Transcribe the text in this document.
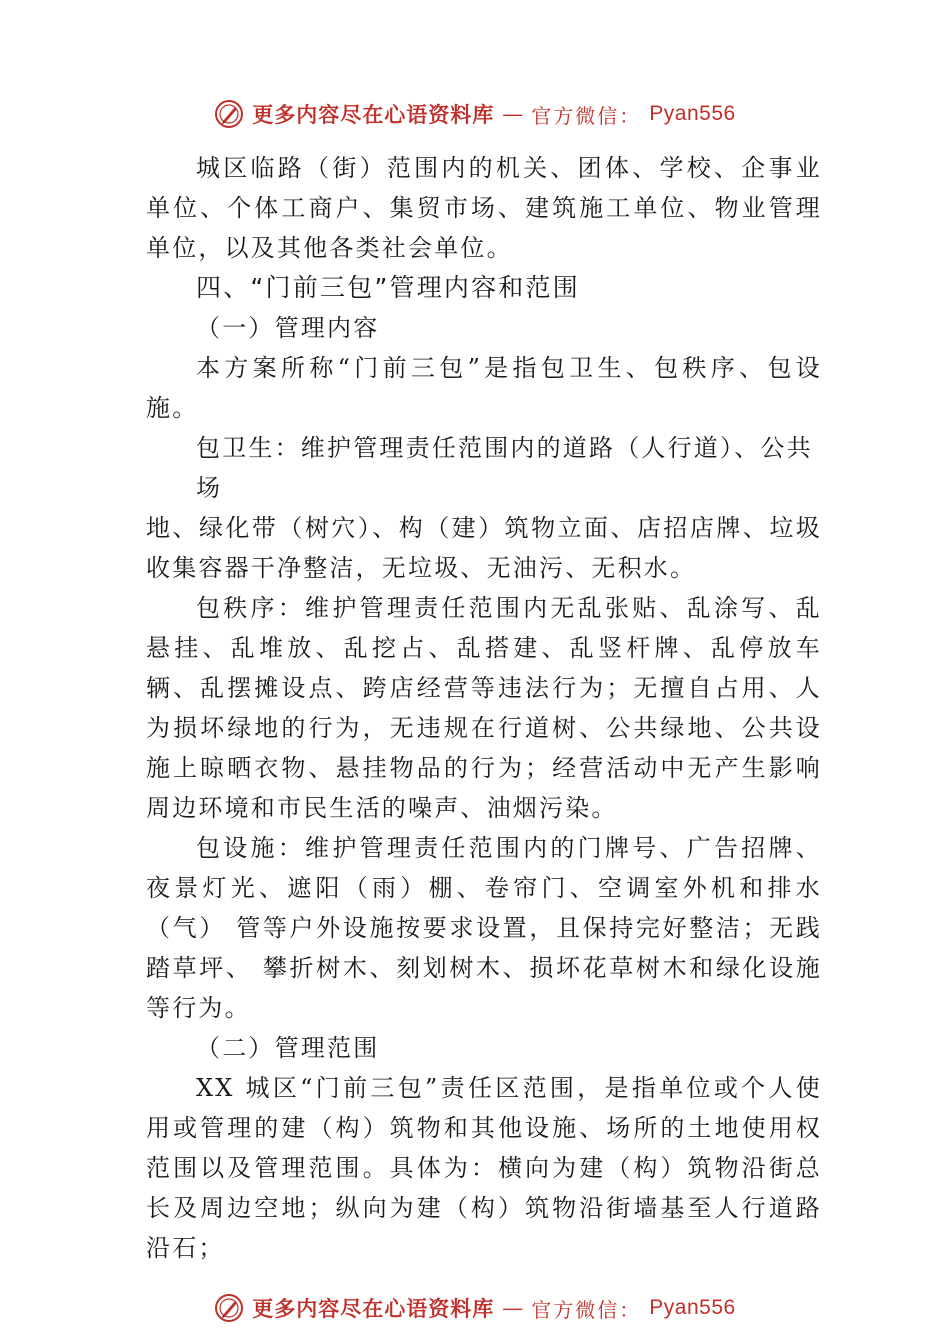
更多内容尽在心语资料库 — 官方微信： Pyan556

城区临路（街）范围内的机关、团体、学校、企事业单位、个体工商户、集贸市场、建筑施工单位、物业管理单位，以及其他各类社会单位。

四、“门前三包”管理内容和范围

（一）管理内容

本方案所称“门前三包”是指包卫生、包秩序、包设施。

包卫生：维护管理责任范围内的道路（人行道）、公共

场

地、绿化带（树穴）、构（建）筑物立面、店招店牌、垃圾收集容器干净整洁，无垃圾、无油污、无积水。

包秩序：维护管理责任范围内无乱张贴、乱涂写、乱悬挂、乱堆放、乱挖占、乱搭建、乱竖杆牌、乱停放车辆、乱摆摊设点、跨店经营等违法行为；无擅自占用、人为损坏绿地的行为，无违规在行道树、公共绿地、公共设施上晾晒衣物、悬挂物品的行为；经营活动中无产生影响周边环境和市民生活的噪声、油烟污染。

包设施：维护管理责任范围内的门牌号、广告招牌、夜景灯光、遮阳（雨）棚、卷帘门、空调室外机和排水（气） 管等户外设施按要求设置，且保持完好整洁；无践踏草坪、 攀折树木、刻划树木、损坏花草树木和绿化设施等行为。

（二）管理范围

XX 城区“门前三包”责任区范围，是指单位或个人使用或管理的建（构）筑物和其他设施、场所的土地使用权范围以及管理范围。具体为：横向为建（构）筑物沿街总长及周边空地；纵向为建（构）筑物沿街墙基至人行道路沿石；

更多内容尽在心语资料库 — 官方微信： Pyan556
